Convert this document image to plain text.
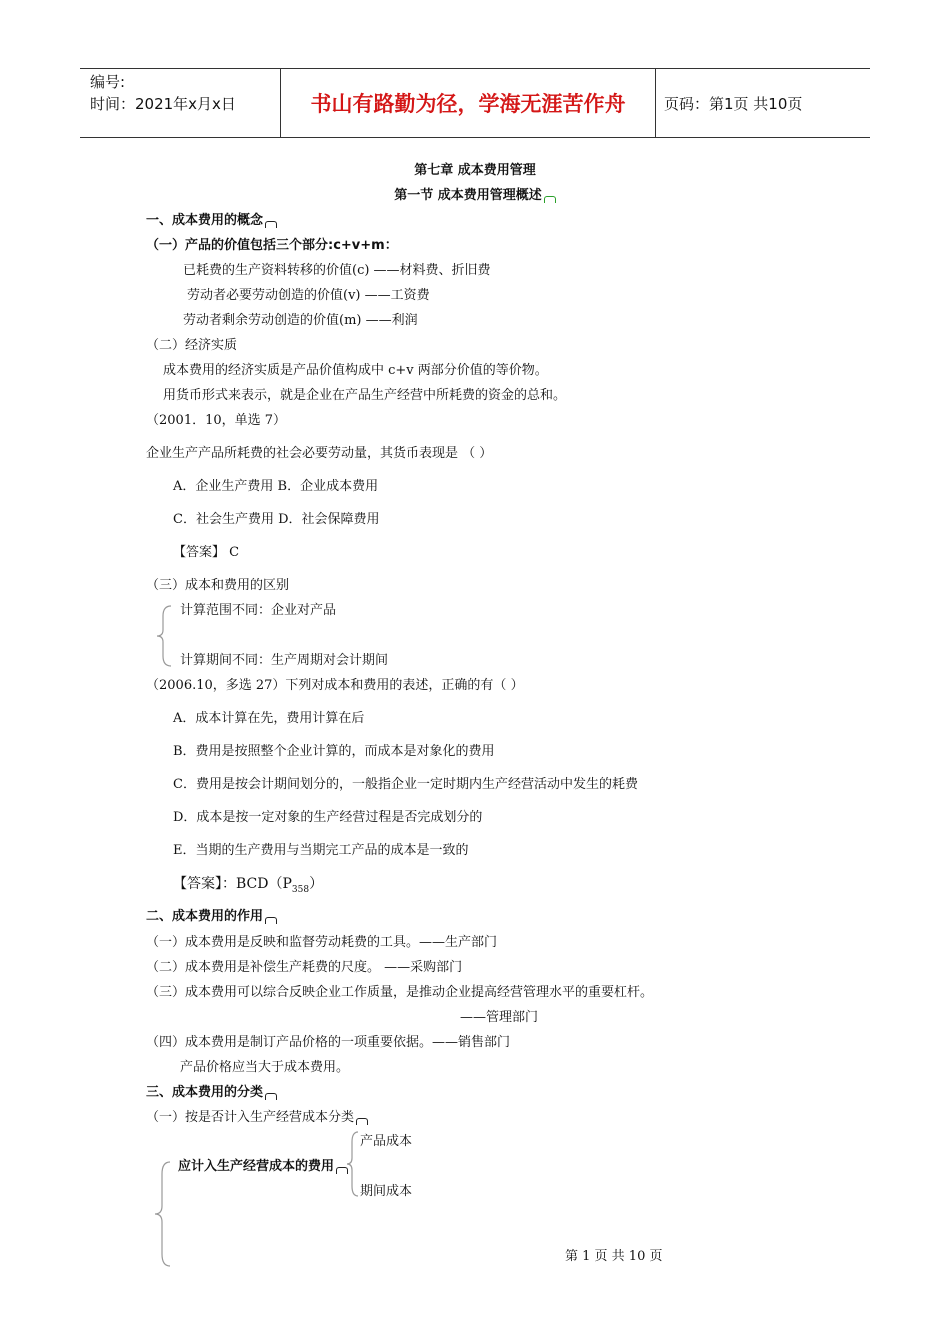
编号:
时间：2021年x月x日	书山有路勤为径，学海无涯苦作舟	页码：第1页 共10页
第七章 成本费用管理
第一节 成本费用管理概述
一、成本费用的概念
（一）产品的价值包括三个部分:c+v+m：
已耗费的生产资料转移的价值(c) ——材料费、折旧费
劳动者必要劳动创造的价值(v) ——工资费
劳动者剩余劳动创造的价值(m) ——利润
（二）经济实质
成本费用的经济实质是产品价值构成中 c+v 两部分价值的等价物。
用货币形式来表示，就是企业在产品生产经营中所耗费的资金的总和。
（2001．10，单选 7）
企业生产产品所耗费的社会必要劳动量，其货币表现是 （ ）
A．企业生产费用 B．企业成本费用
C．社会生产费用 D．社会保障费用
【答案】 C
（三）成本和费用的区别
计算范围不同：企业对产品
计算期间不同：生产周期对会计期间
（2006.10，多选 27）下列对成本和费用的表述，正确的有（ ）
A．成本计算在先，费用计算在后
B．费用是按照整个企业计算的，而成本是对象化的费用
C．费用是按会计期间划分的，一般指企业一定时期内生产经营活动中发生的耗费
D．成本是按一定对象的生产经营过程是否完成划分的
E．当期的生产费用与当期完工产品的成本是一致的
【答案】：$BCD(P_{358})$
二、成本费用的作用
（一）成本费用是反映和监督劳动耗费的工具。——生产部门
（二）成本费用是补偿生产耗费的尺度。 ——采购部门
（三）成本费用可以综合反映企业工作质量，是推动企业提高经营管理水平的重要杠杆。
——管理部门
（四）成本费用是制订产品价格的一项重要依据。——销售部门
产品价格应当大于成本费用。
三、成本费用的分类
（一）按是否计入生产经营成本分类
产品成本
应计入生产经营成本的费用
期间成本
第 1 页 共 10 页
